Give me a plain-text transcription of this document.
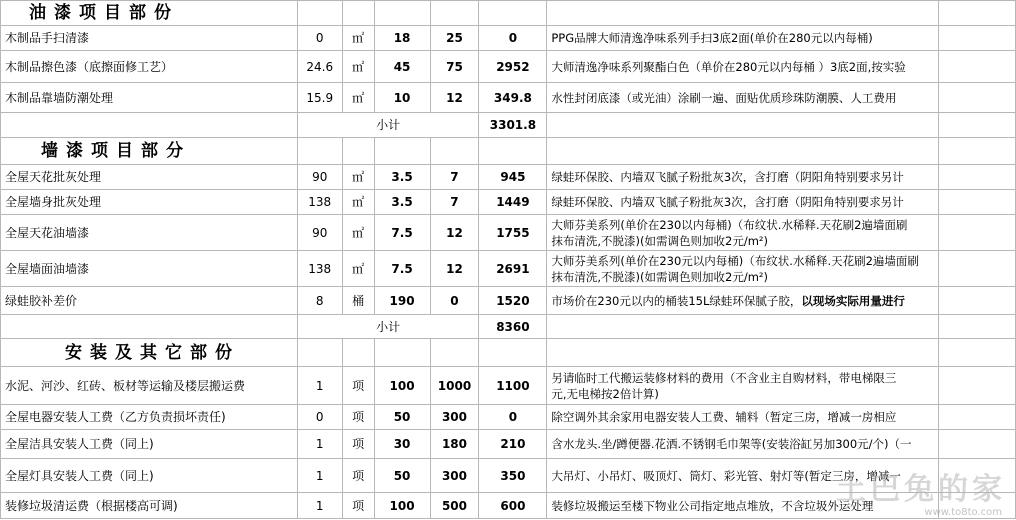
油漆项目部份							
木制品手扫清漆	0	㎡	18	25	0	PPG品牌大师清逸净味系列手扫3底2面(单价在280元以内每桶)	

木制品擦色漆（底擦面修工艺）	24.6	㎡	45	75	2952	大师清逸净味系列聚酯白色（单价在280元以内每桶 ）3底2面,按实验	

木制品靠墙防潮处理	15.9	㎡	10	12	349.8	水性封闭底漆（或光油）涂刷一遍、面贴优质珍珠防潮膜、人工费用	

	小计				3301.8		
墙漆项目部分							
全屋天花批灰处理	90	㎡	3.5	7	945	绿蛙环保胶、内墙双飞腻子粉批灰3次，含打磨（阴阳角特别要求另计	

全屋墙身批灰处理	138	㎡	3.5	7	1449	绿蛙环保胶、内墙双飞腻子粉批灰3次，含打磨（阴阳角特别要求另计	

全屋天花油墙漆	90	㎡	7.5	12	1755	大师芬美系列(单价在230以内每桶)（布纹状.水稀释.天花刷2遍墙面刷
抹布清洗,不脱漆)(如需调色则加收2元/m²)	

全屋墙面油墙漆	138	㎡	7.5	12	2691	大师芬美系列(单价在230元以内每桶)（布纹状.水稀释.天花刷2遍墙面刷
抹布清洗,不脱漆)(如需调色则加收2元/m²)	

绿蛙胶补差价	8	桶	190	0	1520	市场价在230元以内的桶装15L绿蛙环保腻子胶，以现场实际用量进行	
	小计				8360		
安装及其它部份							
水泥、河沙、红砖、板材等运输及楼层搬运费	1	项	100	1000	1100	另请临时工代搬运装修材料的费用（不含业主自购材料，带电梯限三
元,无电梯按2倍计算)	

全屋电器安装人工费（乙方负责损坏责任)	0	项	50	300	0	除空调外其余家用电器安装人工费、辅料（暂定三房，增减一房相应	

全屋洁具安装人工费（同上)	1	项	30	180	210	含水龙头.坐/蹲便器.花洒.不锈钢毛巾架等(安装浴缸另加300元/个)（一	

全屋灯具安装人工费（同上)	1	项	50	300	350	大吊灯、小吊灯、吸顶灯、筒灯、彩光管、射灯等(暂定三房，增减一	

装修垃圾清运费（根据楼高可调)	1	项	100	500	600	装修垃圾搬运至楼下物业公司指定地点堆放，不含垃圾外运处理	

土巴兔的家
www.to8to.com
